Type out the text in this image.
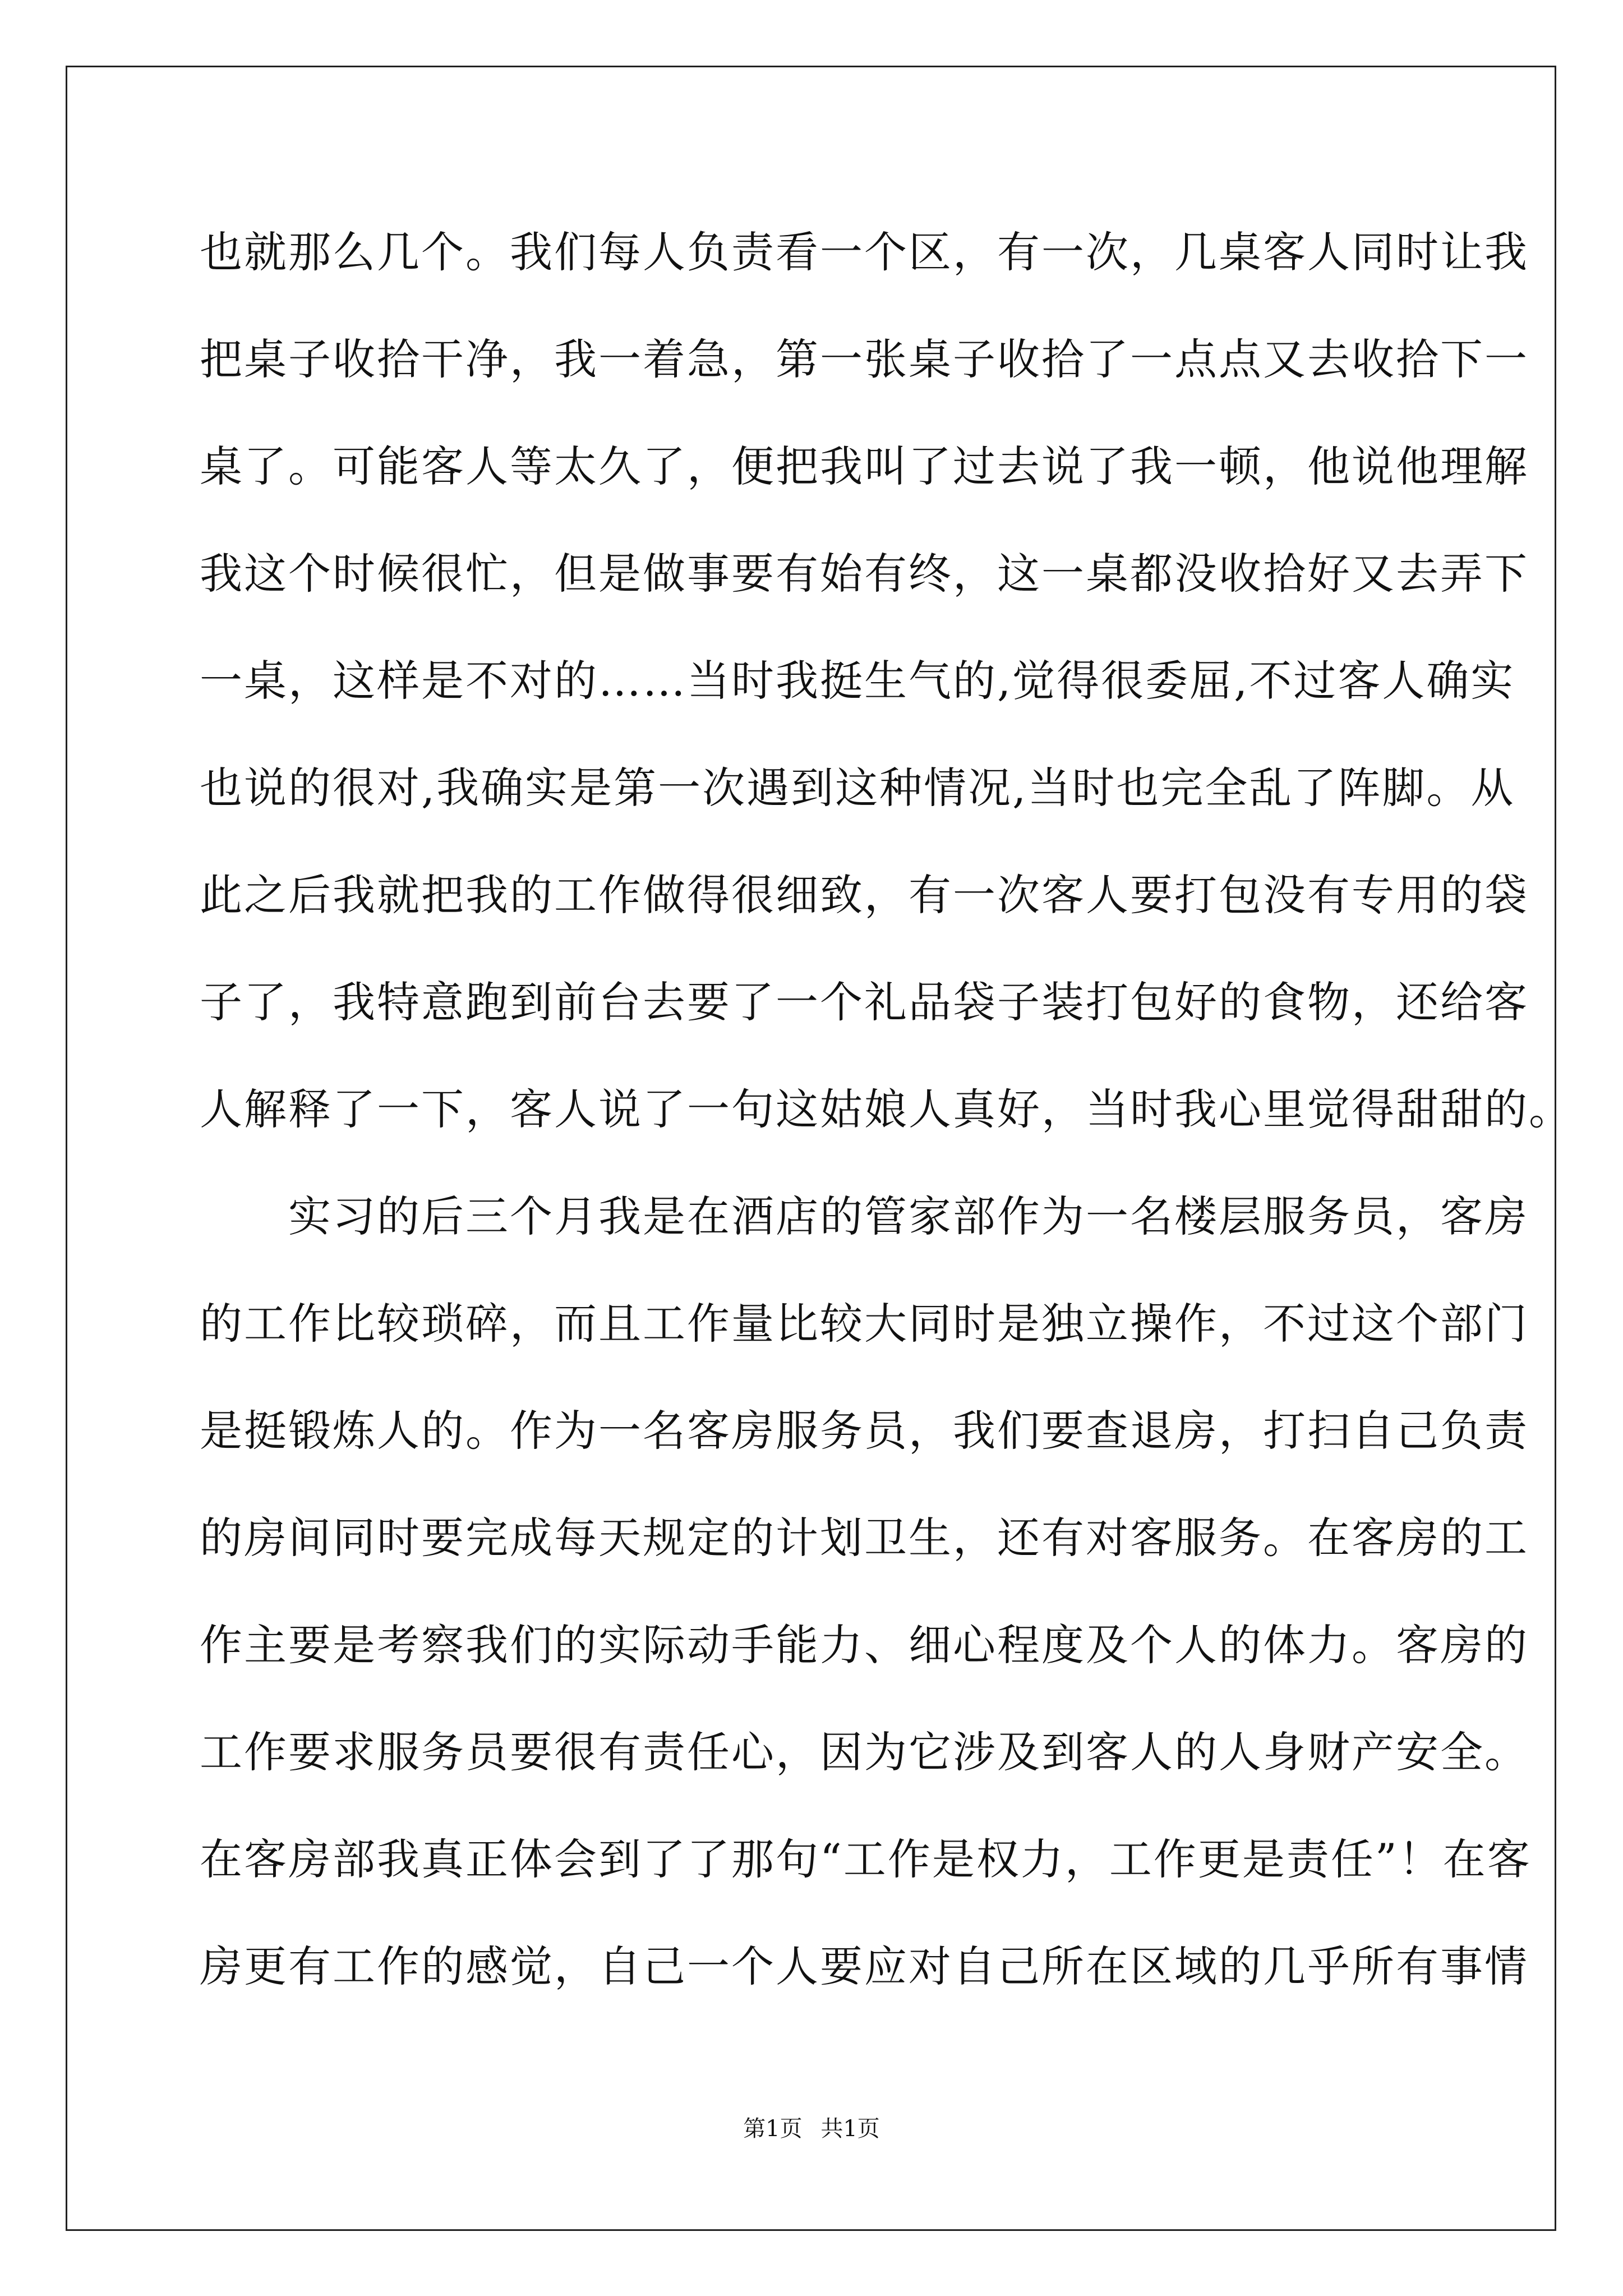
也就那么几个。我们每人负责看一个区，有一次，几桌客人同时让我
把桌子收拾干净，我一着急，第一张桌子收拾了一点点又去收拾下一
桌了。可能客人等太久了，便把我叫了过去说了我一顿，他说他理解
我这个时候很忙，但是做事要有始有终，这一桌都没收拾好又去弄下
一桌，这样是不对的……当时我挺生气的,觉得很委屈,不过客人确实
也说的很对,我确实是第一次遇到这种情况,当时也完全乱了阵脚。从
此之后我就把我的工作做得很细致，有一次客人要打包没有专用的袋
子了，我特意跑到前台去要了一个礼品袋子装打包好的食物，还给客
人解释了一下，客人说了一句这姑娘人真好，当时我心里觉得甜甜的。
　　实习的后三个月我是在酒店的管家部作为一名楼层服务员，客房
的工作比较琐碎，而且工作量比较大同时是独立操作，不过这个部门
是挺锻炼人的。作为一名客房服务员，我们要查退房，打扫自己负责
的房间同时要完成每天规定的计划卫生，还有对客服务。在客房的工
作主要是考察我们的实际动手能力、细心程度及个人的体力。客房的
工作要求服务员要很有责任心，因为它涉及到客人的人身财产安全。
在客房部我真正体会到了了那句“工作是权力，工作更是责任”！在客
房更有工作的感觉，自己一个人要应对自己所在区域的几乎所有事情
第1页 共1页
